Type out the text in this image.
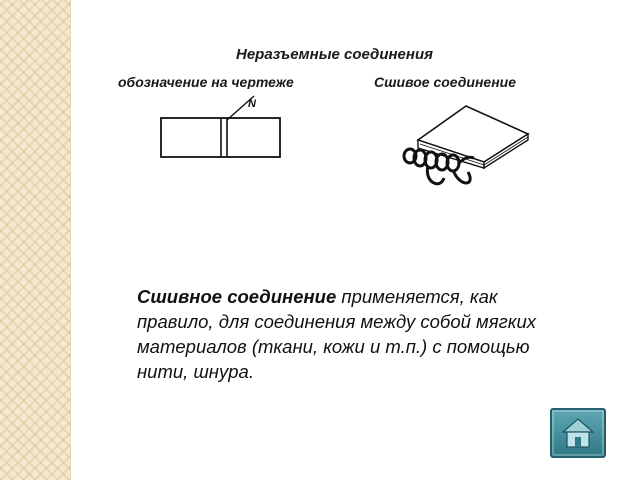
Неразъемные соединения
обозначение на чертеже	Сшивое соединение
N
Сшивное соединение применяется, как правило, для соединения между собой мягких материалов (ткани, кожи и т.п.) с помощью нити, шнура.
